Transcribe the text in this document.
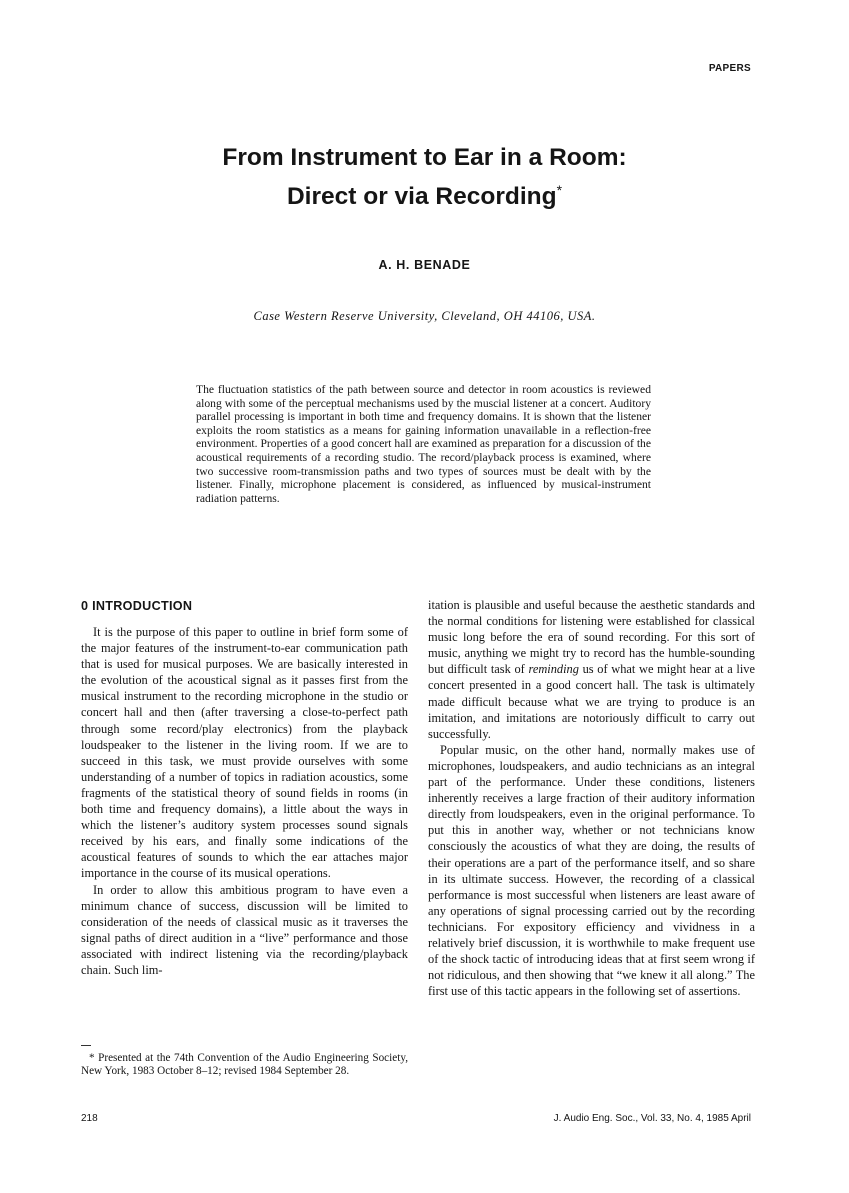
PAPERS
From Instrument to Ear in a Room:
Direct or via Recording*
A. H. BENADE
Case Western Reserve University, Cleveland, OH 44106, USA.

The fluctuation statistics of the path between source and detector in room acoustics is reviewed along with some of the perceptual mechanisms used by the muscial listener at a concert. Auditory parallel processing is important in both time and frequency domains. It is shown that the listener exploits the room statistics as a means for gaining information unavailable in a reflection-free environment. Properties of a good concert hall are examined as preparation for a discussion of the acoustical requirements of a recording studio. The record/playback process is examined, where two successive room-transmission paths and two types of sources must be dealt with by the listener. Finally, microphone placement is considered, as influenced by musical-instrument radiation patterns.

0 INTRODUCTION

It is the purpose of this paper to outline in brief form some of the major features of the instrument-to-ear communication path that is used for musical purposes. We are basically interested in the evolution of the acoustical signal as it passes first from the musical instrument to the recording microphone in the studio or concert hall and then (after traversing a close-to-perfect path through some record/play electronics) from the playback loudspeaker to the listener in the living room. If we are to succeed in this task, we must provide ourselves with some understanding of a number of topics in radiation acoustics, some fragments of the statistical theory of sound fields in rooms (in both time and frequency domains), a little about the ways in which the listener’s auditory system processes sound signals received by his ears, and finally some indications of the acoustical features of sounds to which the ear attaches major importance in the course of its musical operations.

In order to allow this ambitious program to have even a minimum chance of success, discussion will be limited to consideration of the needs of classical music as it traverses the signal paths of direct audition in a “live” performance and those associated with indirect listening via the recording/playback chain. Such lim-

itation is plausible and useful because the aesthetic standards and the normal conditions for listening were established for classical music long before the era of sound recording. For this sort of music, anything we might try to record has the humble-sounding but difficult task of reminding us of what we might hear at a live concert presented in a good concert hall. The task is ultimately made difficult because what we are trying to produce is an imitation, and imitations are notoriously difficult to carry out successfully.

Popular music, on the other hand, normally makes use of microphones, loudspeakers, and audio technicians as an integral part of the performance. Under these conditions, listeners inherently receives a large fraction of their auditory information directly from loudspeakers, even in the original performance. To put this in another way, whether or not technicians know consciously the acoustics of what they are doing, the results of their operations are a part of the performance itself, and so share in its ultimate success. However, the recording of a classical performance is most successful when listeners are least aware of any operations of signal processing carried out by the recording technicians. For expository efficiency and vividness in a relatively brief discussion, it is worthwhile to make frequent use of the shock tactic of introducing ideas that at first seem wrong if not ridiculous, and then showing that “we knew it all along.” The first use of this tactic appears in the following set of assertions.

* Presented at the 74th Convention of the Audio Engineering Society, New York, 1983 October 8–12; revised 1984 September 28.

218	J. Audio Eng. Soc., Vol. 33, No. 4, 1985 April
